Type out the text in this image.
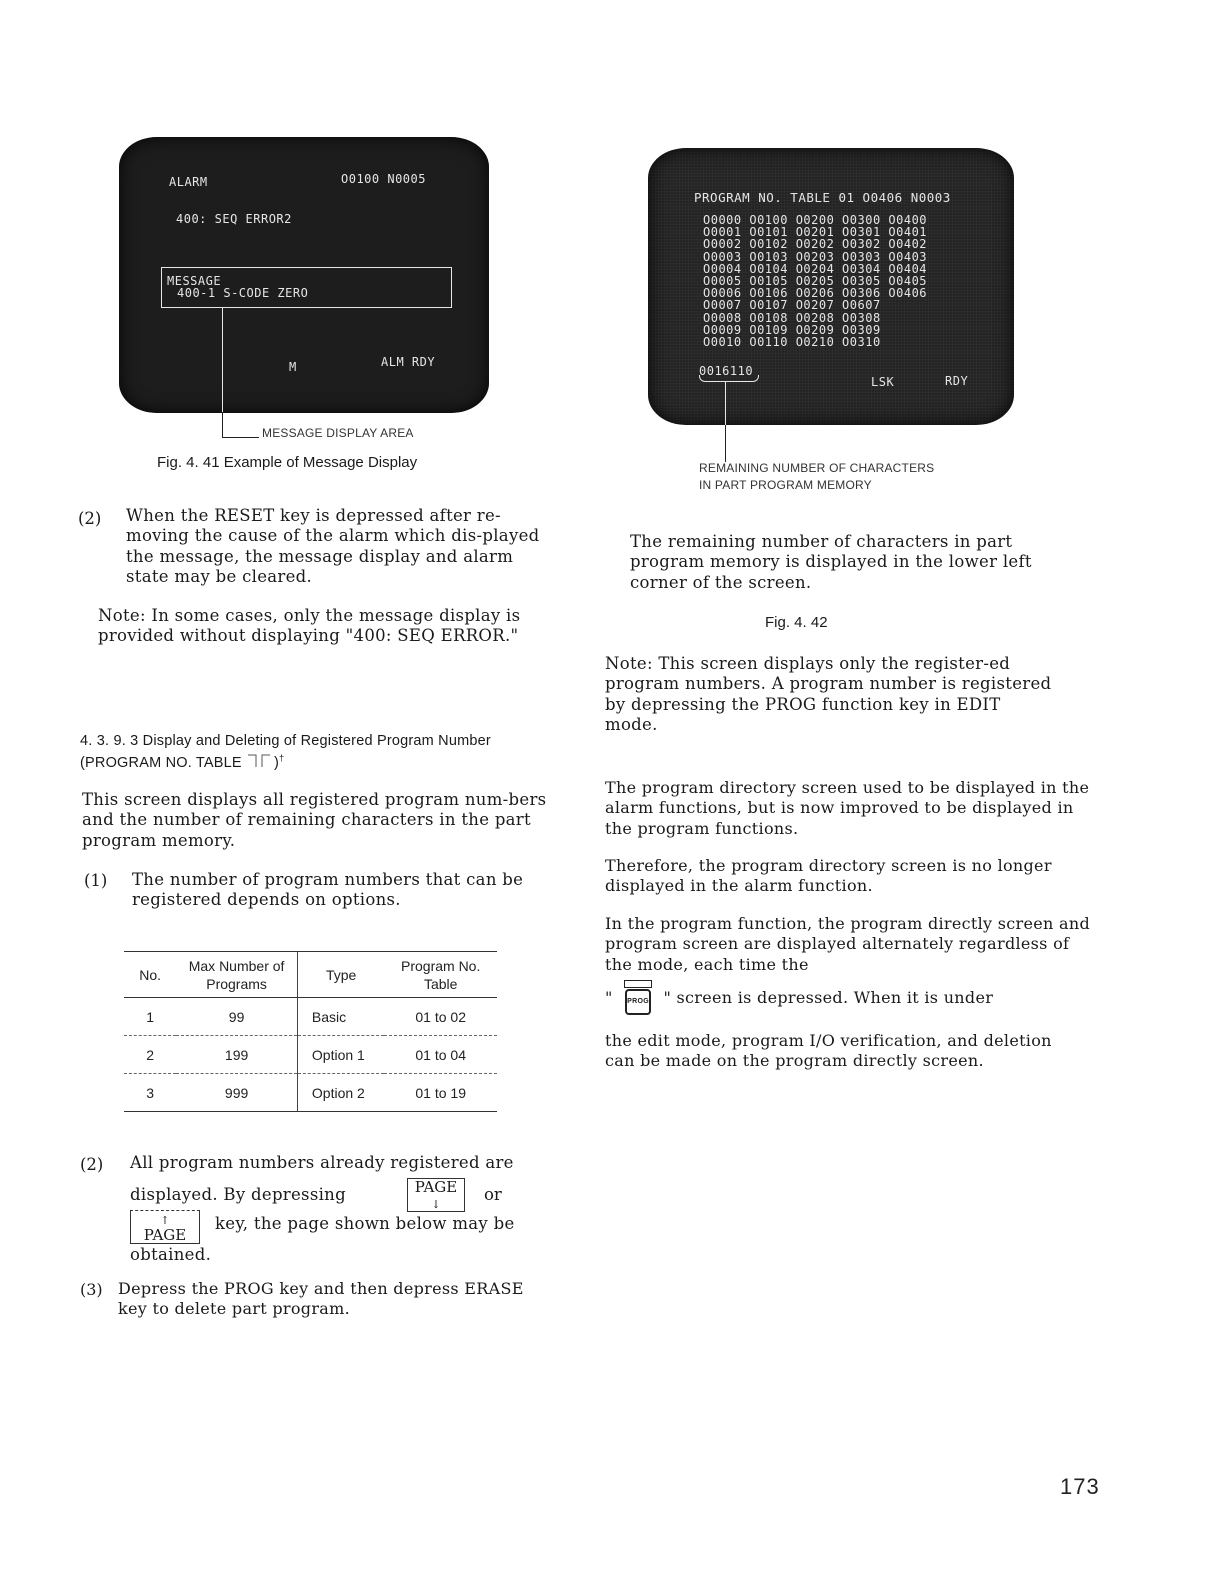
ALARM	O0100 N0005
400: SEQ ERROR2
MESSAGE
400-1 S-CODE ZERO
M	ALM RDY
MESSAGE DISPLAY AREA
Fig. 4. 41 Example of Message Display
PROGRAM NO. TABLE 01 O0406 N0003
O0000 O0100 O0200 O0300 O0400
O0001 O0101 O0201 O0301 O0401
O0002 O0102 O0202 O0302 O0402
O0003 O0103 O0203 O0303 O0403
O0004 O0104 O0204 O0304 O0404
O0005 O0105 O0205 O0305 O0405
O0006 O0106 O0206 O0306 O0406
O0007 O0107 O0207 O0607
O0008 O0108 O0208 O0308
O0009 O0109 O0209 O0309
O0010 O0110 O0210 O0310
0016110
LSK	RDY
REMAINING NUMBER OF CHARACTERS
IN PART PROGRAM MEMORY
The remaining number of characters in part program memory is displayed in the lower left corner of the screen.
Fig. 4. 42
(2) When the RESET key is depressed after re-moving the cause of the alarm which dis-played the message, the message display and alarm state may be cleared.
Note: In some cases, only the message display is provided without displaying "400: SEQ ERROR."
4. 3. 9. 3 Display and Deleting of Registered Program Number
(PROGRAM NO. TABLE )†
This screen displays all registered program num-bers and the number of remaining characters in the part program memory.
(1) The number of program numbers that can be registered depends on options.
No.	Max Number of Programs	Type	Program No. Table
1	99	Basic	01 to 02
2	199	Option 1	01 to 04
3	999	Option 2	01 to 19
(2) All program numbers already registered are
displayed. By depressing	PAGE
↓
or
↑
PAGE
key, the page shown below may be
obtained.
(3) Depress the PROG key and then depress ERASE key to delete part program.
Note: This screen displays only the register-ed program numbers. A program number is registered by depressing the PROG function key in EDIT mode.
The program directory screen used to be displayed in the alarm functions, but is now improved to be displayed in the program functions.
Therefore, the program directory screen is no longer displayed in the alarm function.
In the program function, the program directly screen and program screen are displayed alternately regardless of the mode, each time the
" PROG " screen is depressed. When it is under
the edit mode, program I/O verification, and deletion can be made on the program directly screen.
173
